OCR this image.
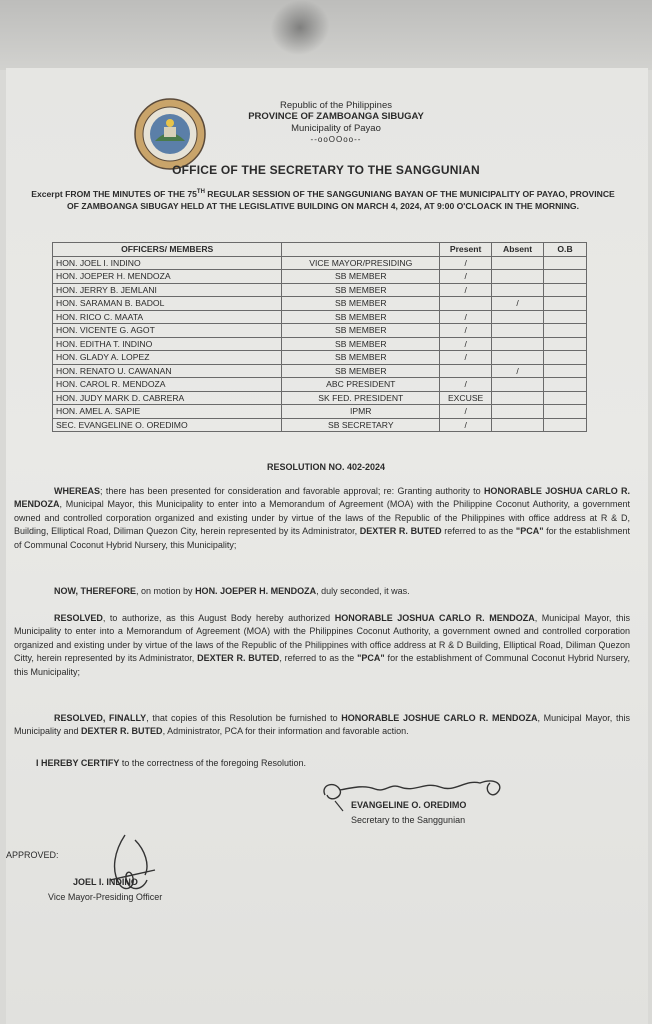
Republic of the Philippines
PROVINCE OF ZAMBOANGA SIBUGAY
Municipality of Payao
--ooOOoo--
OFFICE OF THE SECRETARY TO THE SANGGUNIAN
Excerpt FROM THE MINUTES OF THE 75TH REGULAR SESSION OF THE SANGGUNIANG BAYAN OF THE MUNICIPALITY OF PAYAO, PROVINCE OF ZAMBOANGA SIBUGAY HELD AT THE LEGISLATIVE BUILDING ON MARCH 4, 2024, AT 9:00 O'CLOACK IN THE MORNING.
OFFICERS/ MEMBERS		Present	Absent	O.B
HON. JOEL I. INDINO	VICE MAYOR/PRESIDING	/		
HON. JOEPER H. MENDOZA	SB MEMBER	/		
HON. JERRY B. JEMLANI	SB MEMBER	/		
HON. SARAMAN B. BADOL	SB MEMBER		/	
HON. RICO C. MAATA	SB MEMBER	/		
HON. VICENTE G. AGOT	SB MEMBER	/		
HON. EDITHA T. INDINO	SB MEMBER	/		
HON. GLADY A. LOPEZ	SB MEMBER	/		
HON. RENATO U. CAWANAN	SB MEMBER		/	
HON. CAROL R. MENDOZA	ABC PRESIDENT	/		
HON. JUDY MARK D. CABRERA	SK FED. PRESIDENT	EXCUSE		
HON. AMEL A. SAPIE	IPMR	/		
SEC. EVANGELINE O. OREDIMO	SB SECRETARY	/		
RESOLUTION NO. 402-2024
WHEREAS; there has been presented for consideration and favorable approval; re: Granting authority to HONORABLE JOSHUA CARLO R. MENDOZA, Municipal Mayor, this Municipality to enter into a Memorandum of Agreement (MOA) with the Philippine Coconut Authority, a government owned and controlled corporation organized and existing under by virtue of the laws of the Republic of the Philippines with office address at R & D, Building, Elliptical Road, Diliman Quezon City, herein represented by its Administrator, DEXTER R. BUTED referred to as the "PCA" for the establishment of Communal Coconut Hybrid Nursery, this Municipality;
NOW, THEREFORE, on motion by HON. JOEPER H. MENDOZA, duly seconded, it was.
RESOLVED, to authorize, as this August Body hereby authorized HONORABLE JOSHUA CARLO R. MENDOZA, Municipal Mayor, this Municipality to enter into a Memorandum of Agreement (MOA) with the Philippines Coconut Authority, a government owned and controlled corporation organized and existing under by virtue of the laws of the Republic of the Philippines with office address at R & D Building, Elliptical Road, Diliman Quezon Citty, herein represented by its Administrator, DEXTER R. BUTED, referred to as the "PCA" for the establishment of Communal Coconut Hybrid Nursery, this Municipality;
RESOLVED, FINALLY, that copies of this Resolution be furnished to HONORABLE JOSHUE CARLO R. MENDOZA, Municipal Mayor, this Municipality and DEXTER R. BUTED, Administrator, PCA for their information and favorable action.
I HEREBY CERTIFY to the correctness of the foregoing Resolution.
EVANGELINE O. OREDIMO
Secretary to the Sanggunian
APPROVED:
JOEL I. INDINO
Vice Mayor-Presiding Officer
